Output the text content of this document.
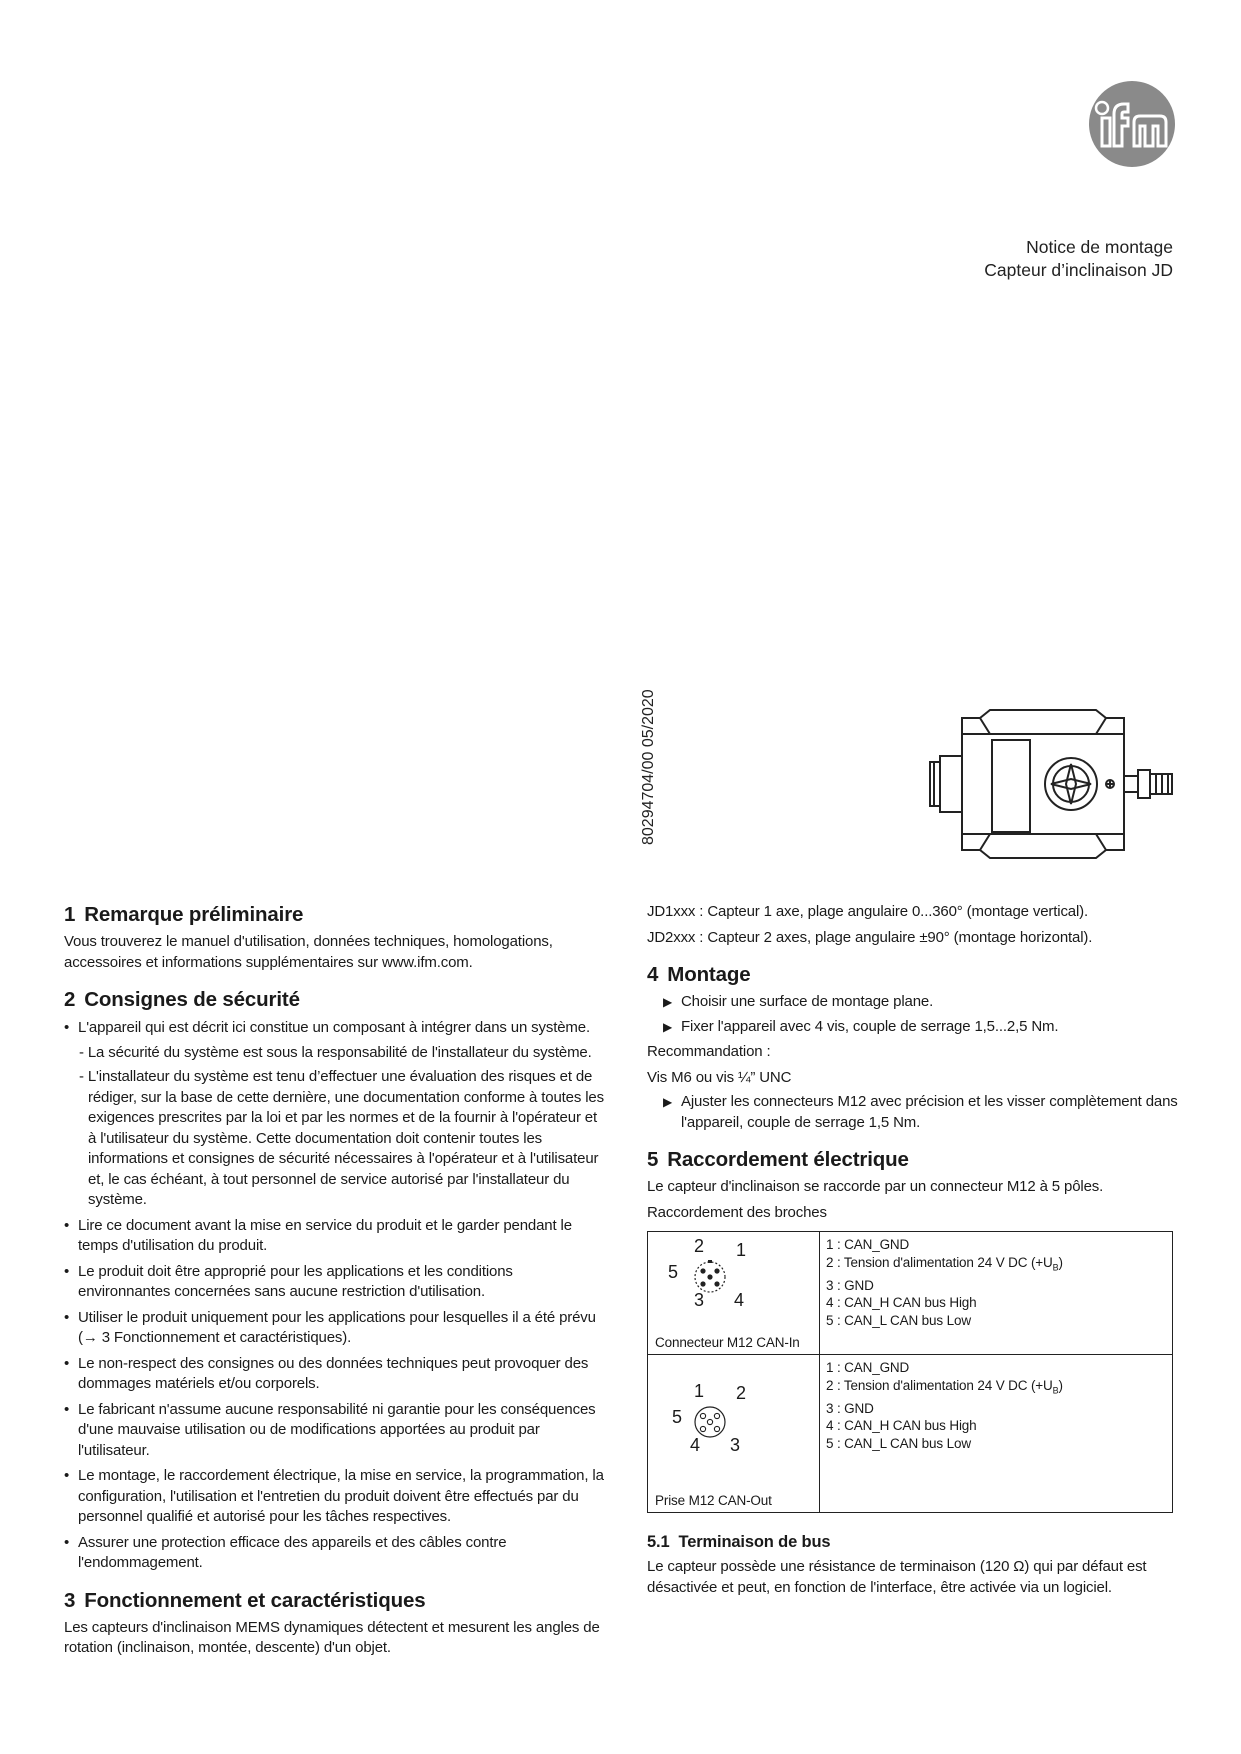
Notice de montage
Capteur d’inclinaison JD
80294704/00 05/2020
1 Remarque préliminaire

Vous trouverez le manuel d'utilisation, données techniques, homologations, accessoires et informations supplémentaires sur www.ifm.com.

2 Consignes de sécurité
• L'appareil qui est décrit ici constitue un composant à intégrer dans un système.
- La sécurité du système est sous la responsabilité de l'installateur du système.
- L'installateur du système est tenu d’effectuer une évaluation des risques et de rédiger, sur la base de cette dernière, une documentation conforme à toutes les exigences prescrites par la loi et par les normes et de la fournir à l'opérateur et à l'utilisateur du système. Cette documentation doit contenir toutes les informations et consignes de sécurité nécessaires à l'opérateur et à l'utilisateur et, le cas échéant, à tout personnel de service autorisé par l'installateur du système.
• Lire ce document avant la mise en service du produit et le garder pendant le temps d'utilisation du produit.
• Le produit doit être approprié pour les applications et les conditions environnantes concernées sans aucune restriction d'utilisation.
• Utiliser le produit uniquement pour les applications pour lesquelles il a été prévu (→ 3 Fonctionnement et caractéristiques).
• Le non-respect des consignes ou des données techniques peut provoquer des dommages matériels et/ou corporels.
• Le fabricant n'assume aucune responsabilité ni garantie pour les conséquences d'une mauvaise utilisation ou de modifications apportées au produit par l'utilisateur.
• Le montage, le raccordement électrique, la mise en service, la programmation, la configuration, l'utilisation et l'entretien du produit doivent être effectués par du personnel qualifié et autorisé pour les tâches respectives.
• Assurer une protection efficace des appareils et des câbles contre l'endommagement.
3 Fonctionnement et caractéristiques

Les capteurs d'inclinaison MEMS dynamiques détectent et mesurent les angles de rotation (inclinaison, montée, descente) d'un objet.

JD1xxx : Capteur 1 axe, plage angulaire 0...360° (montage vertical).

JD2xxx : Capteur 2 axes, plage angulaire ±90° (montage horizontal).

4 Montage
▶ Choisir une surface de montage plane.
▶ Fixer l'appareil avec 4 vis, couple de serrage 1,5...2,5 Nm.

Recommandation :

Vis M6 ou vis ¼” UNC

▶ Ajuster les connecteurs M12 avec précision et les visser complètement dans l'appareil, couple de serrage 1,5 Nm.
5 Raccordement électrique

Le capteur d'inclinaison se raccorde par un connecteur M12 à 5 pôles.

Raccordement des broches

2 1
5
3 4
Connecteur M12 CAN-In
1 : CAN_GND
2 : Tension d'alimentation 24 V DC $(+U_B)$
3 : GND
4 : CAN_H CAN bus High
5 : CAN_L CAN bus Low
1 2
5
4 3
Prise M12 CAN-Out
1 : CAN_GND
2 : Tension d'alimentation 24 V DC $(+U_B)$
3 : GND
4 : CAN_H CAN bus High
5 : CAN_L CAN bus Low
5.1 Terminaison de bus

Le capteur possède une résistance de terminaison (120 Ω) qui par défaut est désactivée et peut, en fonction de l'interface, être activée via un logiciel.
